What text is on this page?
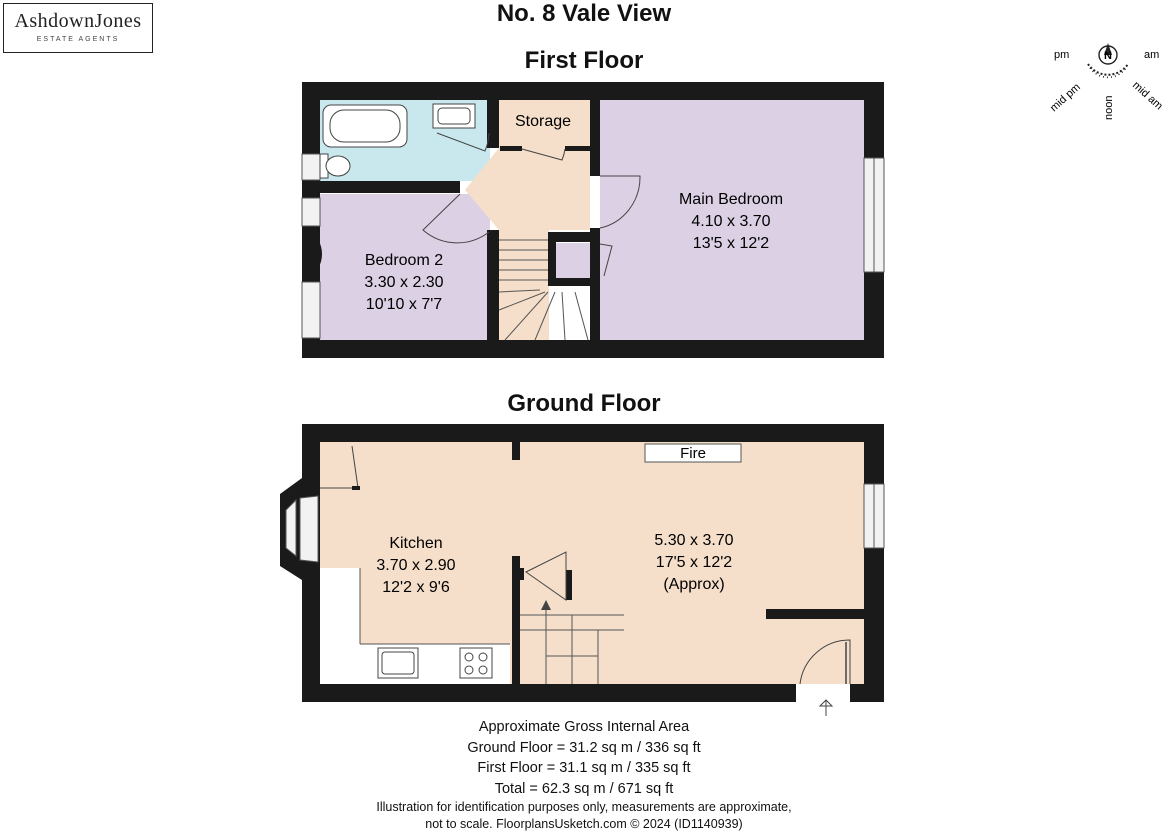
AshdownJones
ESTATE AGENTS
No. 8 Vale View
First Floor
Ground Floor
N
pm	am
mid pm	mid am
noon
Storage
Main Bedroom
4.10 x 3.70
13'5 x 12'2
Bedroom 2
3.30 x 2.30
10'10 x 7'7
Fire
Kitchen
3.70 x 2.90
12'2 x 9'6
5.30 x 3.70
17'5 x 12'2
(Approx)
Approximate Gross Internal Area
Ground Floor = 31.2 sq m / 336 sq ft
First Floor = 31.1 sq m / 335 sq ft
Total = 62.3 sq m / 671 sq ft
Illustration for identification purposes only, measurements are approximate,
not to scale. FloorplansUsketch.com © 2024 (ID1140939)
